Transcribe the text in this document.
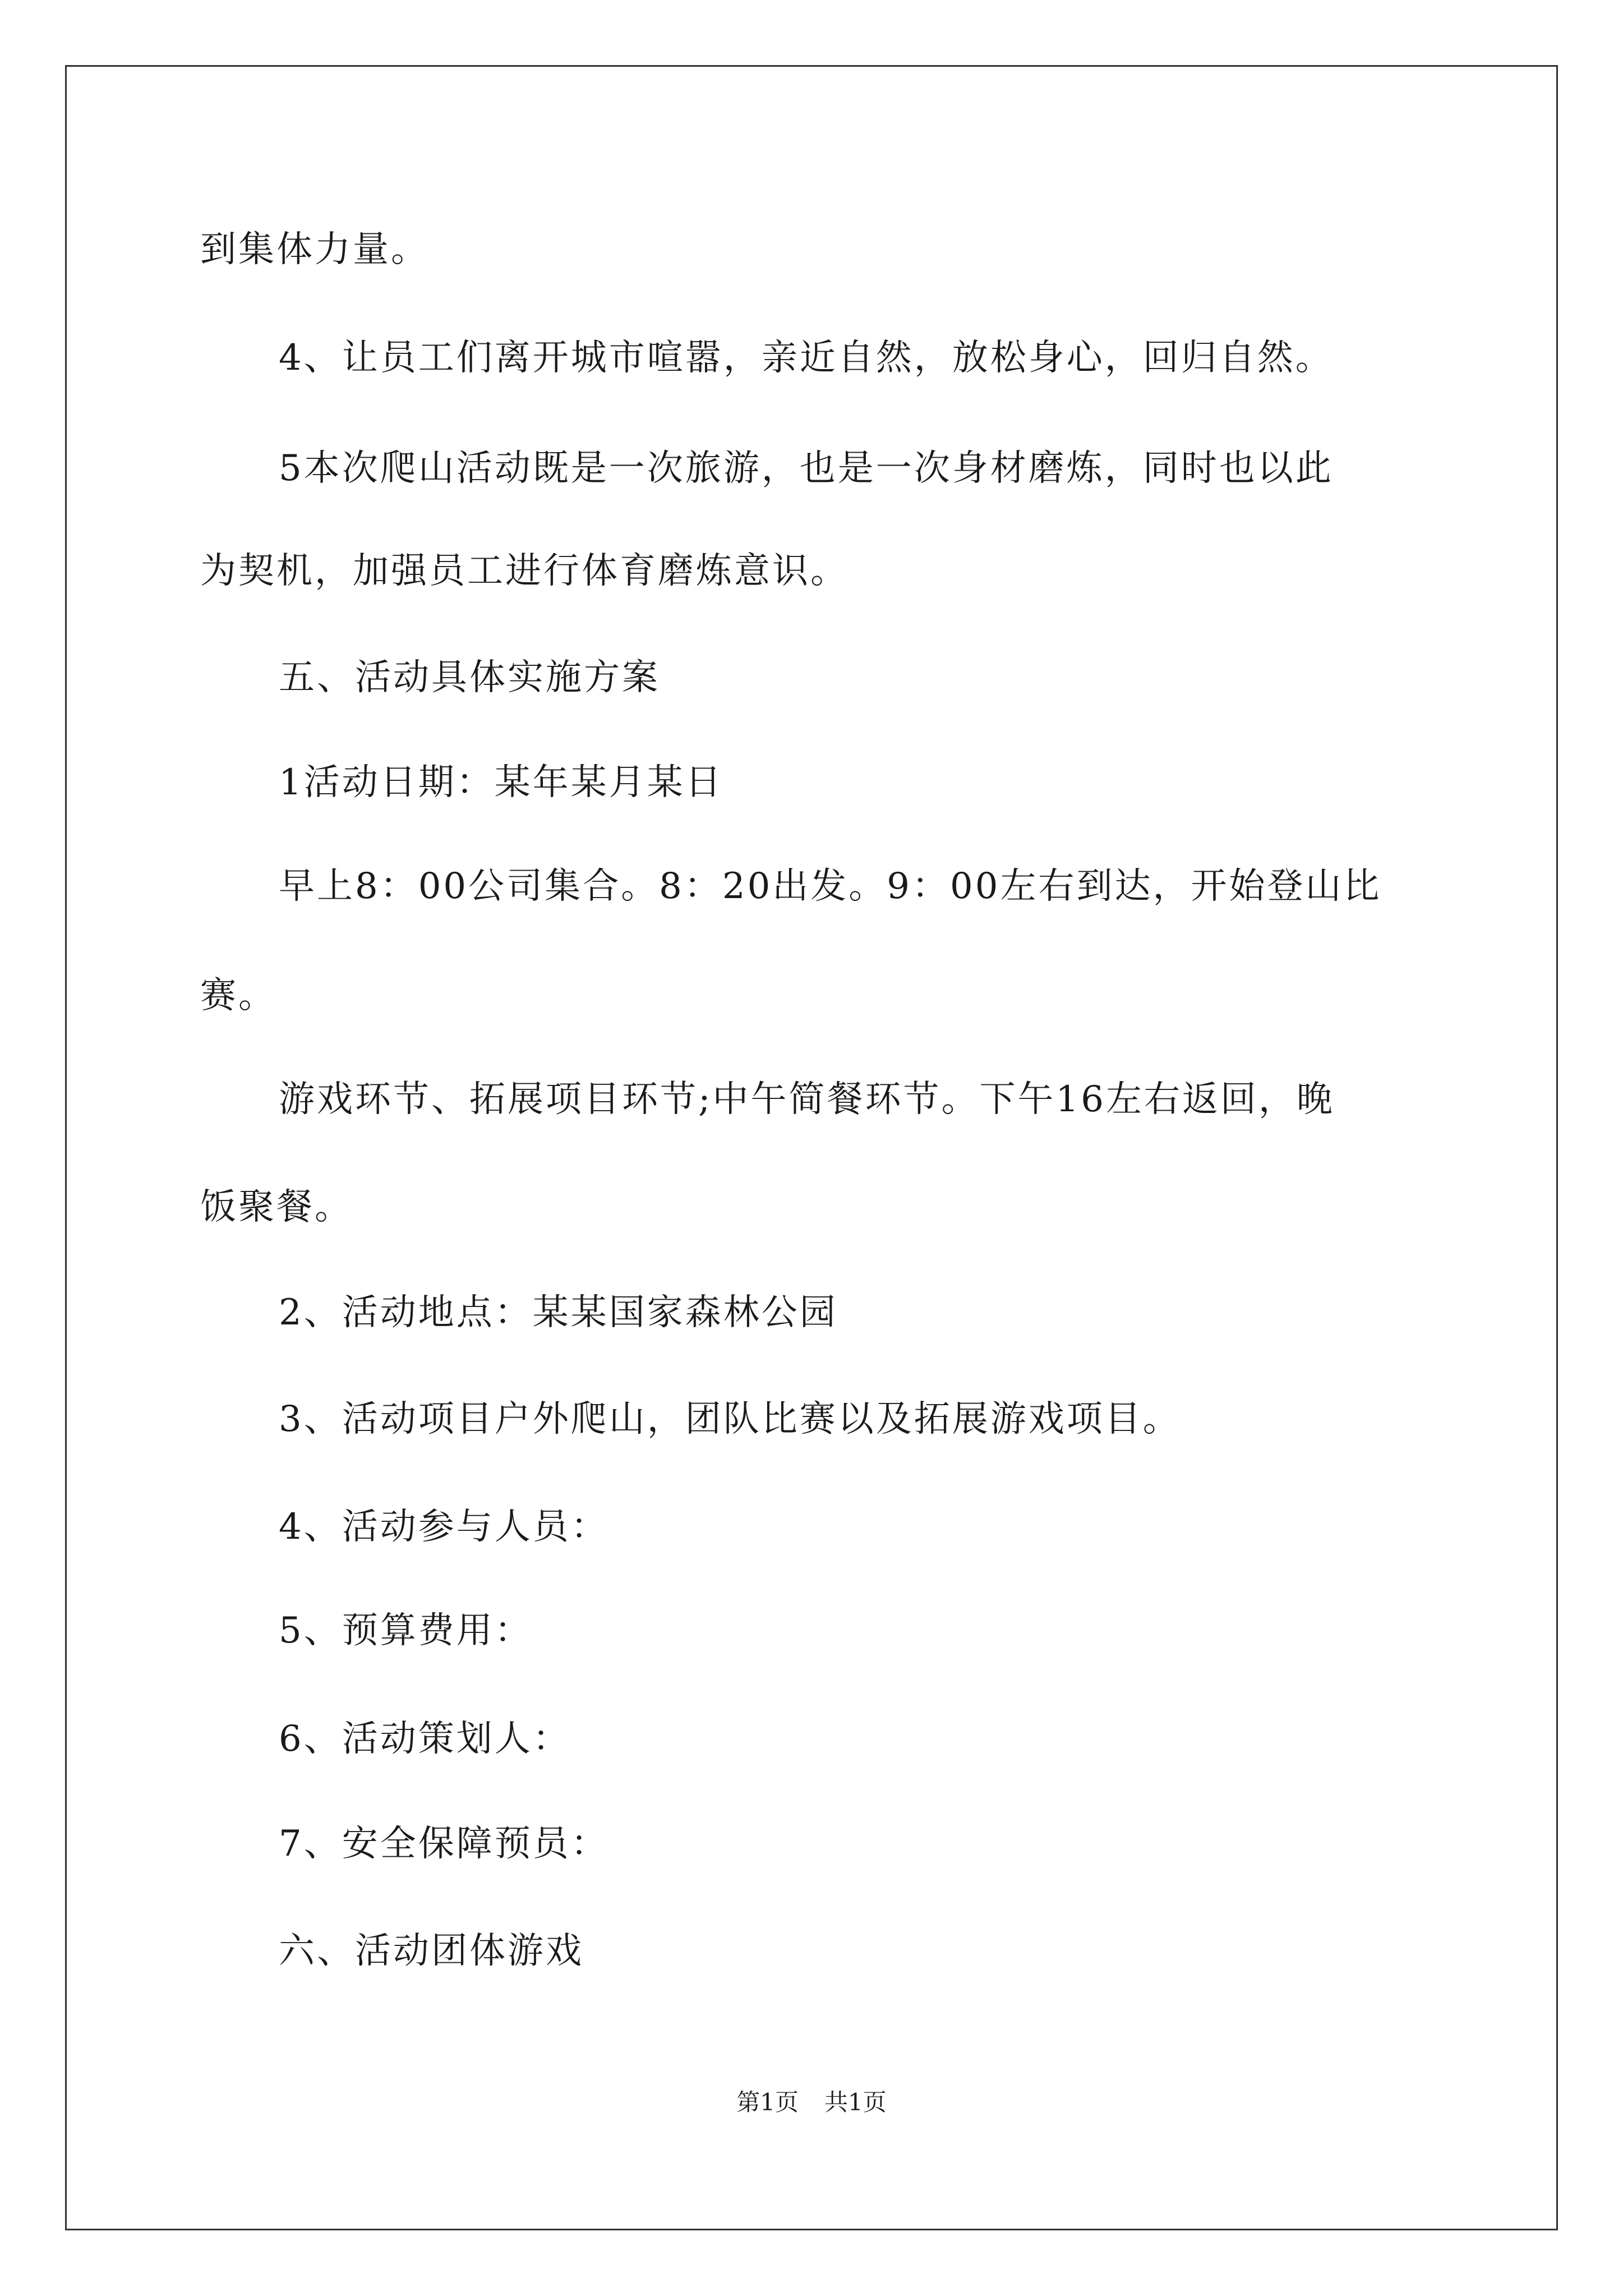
到集体力量。
4、让员工们离开城市喧嚣，亲近自然，放松身心，回归自然。
5本次爬山活动既是一次旅游，也是一次身材磨炼，同时也以此
为契机，加强员工进行体育磨炼意识。
五、活动具体实施方案
1活动日期：某年某月某日
早上8：00公司集合。8：20出发。9：00左右到达，开始登山比
赛。
游戏环节、拓展项目环节;中午简餐环节。下午16左右返回，晚
饭聚餐。
2、活动地点：某某国家森林公园
3、活动项目户外爬山，团队比赛以及拓展游戏项目。
4、活动参与人员：
5、预算费用：
6、活动策划人：
7、安全保障预员：
六、活动团体游戏
第1页 共1页
